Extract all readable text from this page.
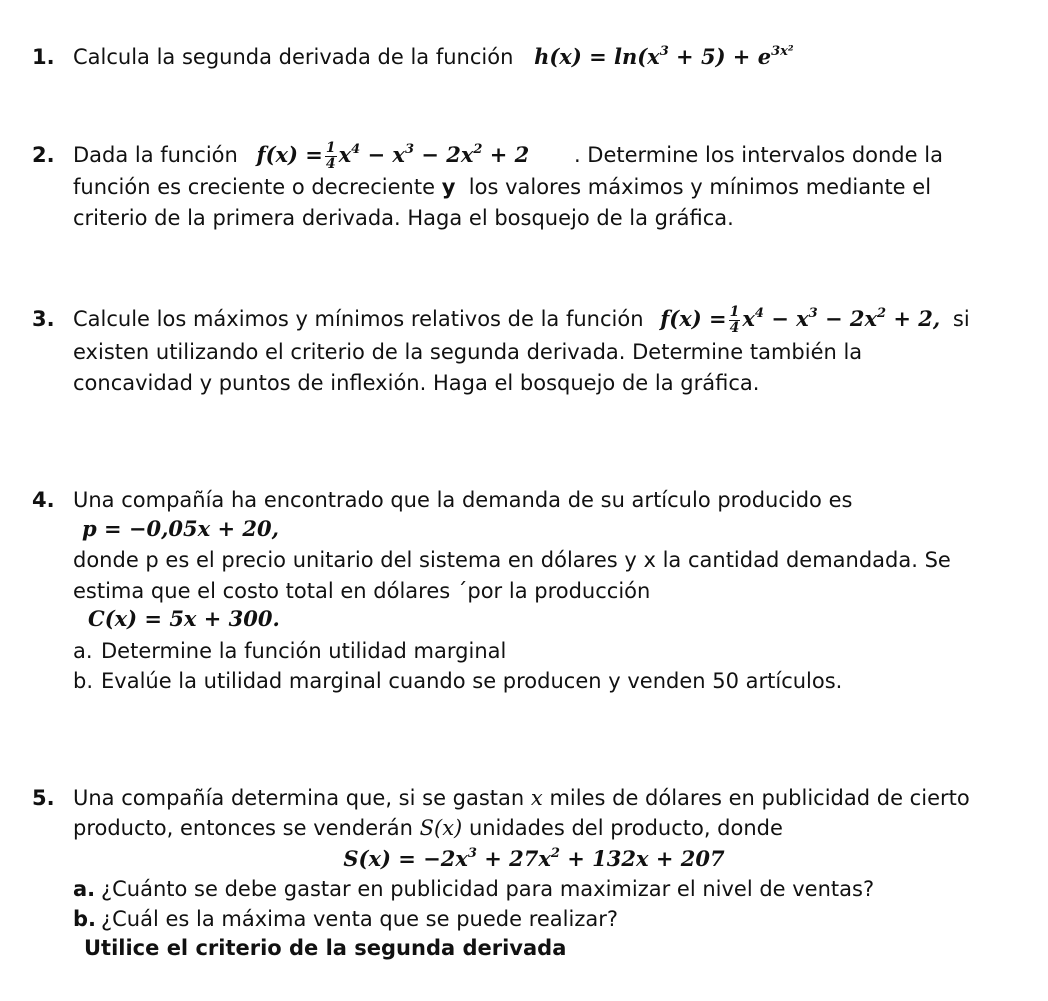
1. Calcula la segunda derivada de la función $h(x) = \ln(x^3 + 5) + e^{3x^2}$
2. Dada la función $f(x) = \frac{1}{4} x^4 - x^3 - 2x^2 + 2$ . Determine los intervalos donde la
función es creciente o decreciente y los valores máximos y mínimos mediante el
criterio de la primera derivada. Haga el bosquejo de la gráfica.
3. Calcule los máximos y mínimos relativos de la función $f(x) = \frac{1}{4} x^4 - x^3 - 2x^2 + 2$, si
existen utilizando el criterio de la segunda derivada. Determine también la
concavidad y puntos de inflexión. Haga el bosquejo de la gráfica.
4. Una compañía ha encontrado que la demanda de su artículo producido es
p = −0,05x + 20,
donde p es el precio unitario del sistema en dólares y x la cantidad demandada. Se
estima que el costo total en dólares ´por la producción
C(x) = 5x + 300.
a. Determine la función utilidad marginal
b. Evalúe la utilidad marginal cuando se producen y venden 50 artículos.
5. Una compañía determina que, si se gastan x miles de dólares en publicidad de cierto
producto, entonces se venderán S(x) unidades del producto, donde
$S(x) = -2x^3 + 27x^2 + 132x + 207$
a. ¿Cuánto se debe gastar en publicidad para maximizar el nivel de ventas?
b. ¿Cuál es la máxima venta que se puede realizar?
Utilice el criterio de la segunda derivada
